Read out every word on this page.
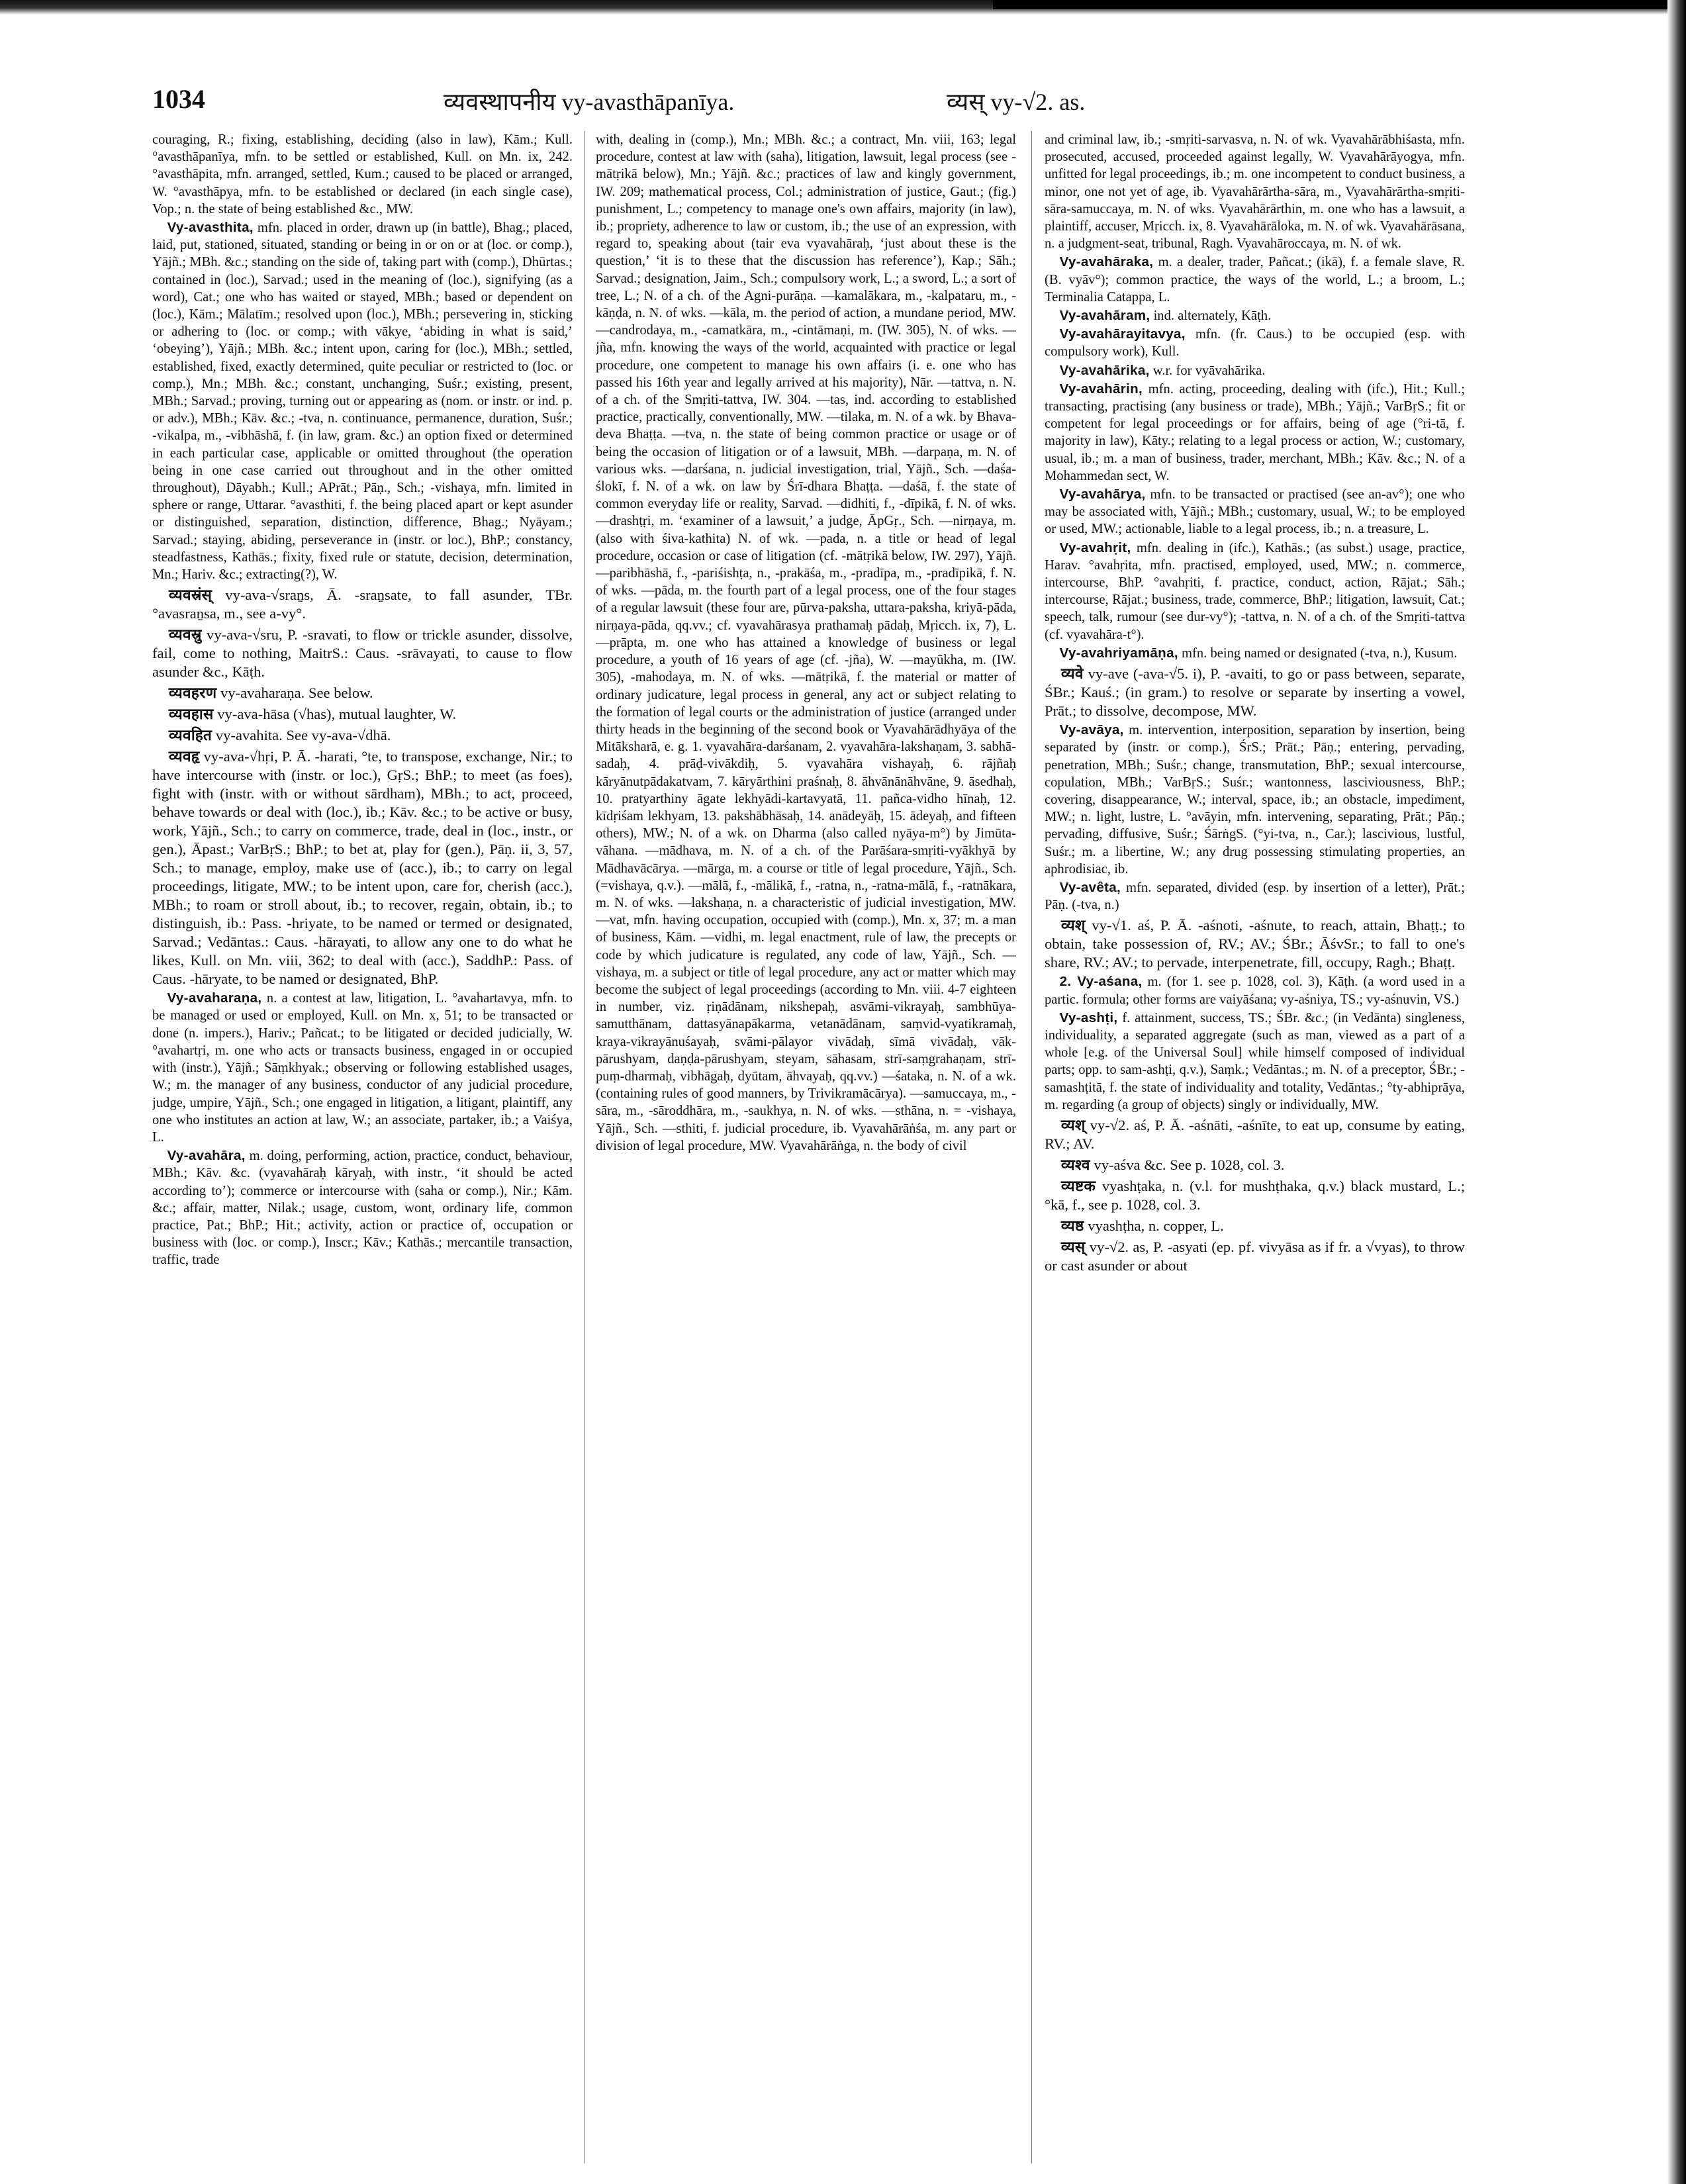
1034	व्यवस्थापनीय vy-avasthāpanīya.	व्यस् vy-√2. as.

couraging, R.; fixing, establishing, deciding (also in law), Kām.; Kull. °avasthāpanīya, mfn. to be settled or established, Kull. on Mn. ix, 242. °avasthāpita, mfn. arranged, settled, Kum.; caused to be placed or arranged, W. °avasthāpya, mfn. to be established or declared (in each single case), Vop.; n. the state of being established &c., MW.

Vy-avasthita, mfn. placed in order, drawn up (in battle), Bhag.; placed, laid, put, stationed, situated, standing or being in or on or at (loc. or comp.), Yājñ.; MBh. &c.; standing on the side of, taking part with (comp.), Dhūrtas.; contained in (loc.), Sarvad.; used in the meaning of (loc.), signifying (as a word), Cat.; one who has waited or stayed, MBh.; based or dependent on (loc.), Kām.; Mālatīm.; resolved upon (loc.), MBh.; persevering in, sticking or adhering to (loc. or comp.; with vākye, ‘abiding in what is said,’ ‘obeying’), Yājñ.; MBh. &c.; intent upon, caring for (loc.), MBh.; settled, established, fixed, exactly determined, quite peculiar or restricted to (loc. or comp.), Mn.; MBh. &c.; constant, unchanging, Suśr.; existing, present, MBh.; Sarvad.; proving, turning out or appearing as (nom. or instr. or ind. p. or adv.), MBh.; Kāv. &c.; -tva, n. continuance, permanence, duration, Suśr.; -vikalpa, m., -vibhāshā, f. (in law, gram. &c.) an option fixed or determined in each particular case, applicable or omitted throughout (the operation being in one case carried out throughout and in the other omitted throughout), Dāyabh.; Kull.; APrāt.; Pāṇ., Sch.; -vishaya, mfn. limited in sphere or range, Uttarar. °avasthiti, f. the being placed apart or kept asunder or distinguished, separation, distinction, difference, Bhag.; Nyāyam.; Sarvad.; staying, abiding, perseverance in (instr. or loc.), BhP.; constancy, steadfastness, Kathās.; fixity, fixed rule or statute, decision, determination, Mn.; Hariv. &c.; extracting(?), W.

व्यवस्रंस् vy-ava-√sraṉs, Ā. -sraṉsate, to fall asunder, TBr. °avasraṉsa, m., see a-vy°.

व्यवस्रु vy-ava-√sru, P. -sravati, to flow or trickle asunder, dissolve, fail, come to nothing, MaitrS.: Caus. -srāvayati, to cause to flow asunder &c., Kāṭh.

व्यवहरण vy-avaharaṇa. See below.

व्यवहास vy-ava-hāsa (√has), mutual laughter, W.

व्यवहित vy-avahita. See vy-ava-√dhā.

व्यवहृ vy-ava-√hṛi, P. Ā. -harati, °te, to transpose, exchange, Nir.; to have intercourse with (instr. or loc.), GṛS.; BhP.; to meet (as foes), fight with (instr. with or without sārdham), MBh.; to act, proceed, behave towards or deal with (loc.), ib.; Kāv. &c.; to be active or busy, work, Yājñ., Sch.; to carry on commerce, trade, deal in (loc., instr., or gen.), Āpast.; VarBṛS.; BhP.; to bet at, play for (gen.), Pāṇ. ii, 3, 57, Sch.; to manage, employ, make use of (acc.), ib.; to carry on legal proceedings, litigate, MW.; to be intent upon, care for, cherish (acc.), MBh.; to roam or stroll about, ib.; to recover, regain, obtain, ib.; to distinguish, ib.: Pass. -hriyate, to be named or termed or designated, Sarvad.; Vedāntas.: Caus. -hārayati, to allow any one to do what he likes, Kull. on Mn. viii, 362; to deal with (acc.), SaddhP.: Pass. of Caus. -hāryate, to be named or designated, BhP.

Vy-avaharaṇa, n. a contest at law, litigation, L. °avahartavya, mfn. to be managed or used or employed, Kull. on Mn. x, 51; to be transacted or done (n. impers.), Hariv.; Pañcat.; to be litigated or decided judicially, W. °avahartṛi, m. one who acts or transacts business, engaged in or occupied with (instr.), Yājñ.; Sāṃkhyak.; observing or following established usages, W.; m. the manager of any business, conductor of any judicial procedure, judge, umpire, Yājñ., Sch.; one engaged in litigation, a litigant, plaintiff, any one who institutes an action at law, W.; an associate, partaker, ib.; a Vaiśya, L.

Vy-avahāra, m. doing, performing, action, practice, conduct, behaviour, MBh.; Kāv. &c. (vyavahāraḥ kāryaḥ, with instr., ‘it should be acted according to’); commerce or intercourse with (saha or comp.), Nir.; Kām. &c.; affair, matter, Nilak.; usage, custom, wont, ordinary life, common practice, Pat.; BhP.; Hit.; activity, action or practice of, occupation or business with (loc. or comp.), Inscr.; Kāv.; Kathās.; mercantile transaction, traffic, trade

with, dealing in (comp.), Mn.; MBh. &c.; a contract, Mn. viii, 163; legal procedure, contest at law with (saha), litigation, lawsuit, legal process (see -mātṛikā below), Mn.; Yājñ. &c.; practices of law and kingly government, IW. 209; mathematical process, Col.; administration of justice, Gaut.; (fig.) punishment, L.; competency to manage one's own affairs, majority (in law), ib.; propriety, adherence to law or custom, ib.; the use of an expression, with regard to, speaking about (tair eva vyavahāraḥ, ‘just about these is the question,’ ‘it is to these that the discussion has reference’), Kap.; Sāh.; Sarvad.; designation, Jaim., Sch.; compulsory work, L.; a sword, L.; a sort of tree, L.; N. of a ch. of the Agni-purāṇa. —kamalākara, m., -kalpataru, m., -kāṇḍa, n. N. of wks. —kāla, m. the period of action, a mundane period, MW. —candrodaya, m., -camatkāra, m., -cintāmaṇi, m. (IW. 305), N. of wks. —jña, mfn. knowing the ways of the world, acquainted with practice or legal procedure, one competent to manage his own affairs (i. e. one who has passed his 16th year and legally arrived at his majority), Nār. —tattva, n. N. of a ch. of the Smṛiti-tattva, IW. 304. —tas, ind. according to established practice, practically, conventionally, MW. —tilaka, m. N. of a wk. by Bhava-deva Bhaṭṭa. —tva, n. the state of being common practice or usage or of being the occasion of litigation or of a lawsuit, MBh. —darpaṇa, m. N. of various wks. —darśana, n. judicial investigation, trial, Yājñ., Sch. —daśa-ślokī, f. N. of a wk. on law by Śrī-dhara Bhaṭṭa. —daśā, f. the state of common everyday life or reality, Sarvad. —didhiti, f., -dīpikā, f. N. of wks. —drashṭṛi, m. ‘examiner of a lawsuit,’ a judge, ĀpGṛ., Sch. —nirṇaya, m. (also with śiva-kathita) N. of wk. —pada, n. a title or head of legal procedure, occasion or case of litigation (cf. -mātṛikā below, IW. 297), Yājñ. —paribhāshā, f., -pariśishṭa, n., -prakāśa, m., -pradīpa, m., -pradīpikā, f. N. of wks. —pāda, m. the fourth part of a legal process, one of the four stages of a regular lawsuit (these four are, pūrva-paksha, uttara-paksha, kriyā-pāda, nirṇaya-pāda, qq.vv.; cf. vyavahārasya prathamaḥ pādaḥ, Mṛicch. ix, 7), L. —prāpta, m. one who has attained a knowledge of business or legal procedure, a youth of 16 years of age (cf. -jña), W. —mayūkha, m. (IW. 305), -mahodaya, m. N. of wks. —mātṛikā, f. the material or matter of ordinary judicature, legal process in general, any act or subject relating to the formation of legal courts or the administration of justice (arranged under thirty heads in the beginning of the second book or Vyavahārādhyāya of the Mitāksharā, e. g. 1. vyavahāra-darśanam, 2. vyavahāra-lakshaṇam, 3. sabhā-sadaḥ, 4. prāḍ-vivākdiḥ, 5. vyavahāra vishayaḥ, 6. rājñaḥ kāryānutpādakatvam, 7. kāryārthini praśnaḥ, 8. āhvānānāhvāne, 9. āsedhaḥ, 10. pratyarthiny āgate lekhyādi-kartavyatā, 11. pañca-vidho hīnaḥ, 12. kīdṛiśam lekhyam, 13. pakshābhāsaḥ, 14. anādeyāḥ, 15. ādeyaḥ, and fifteen others), MW.; N. of a wk. on Dharma (also called nyāya-m°) by Jimūta-vāhana. —mādhava, m. N. of a ch. of the Parāśara-smṛiti-vyākhyā by Mādhavācārya. —mārga, m. a course or title of legal procedure, Yājñ., Sch. (=vishaya, q.v.). —mālā, f., -mālikā, f., -ratna, n., -ratna-mālā, f., -ratnākara, m. N. of wks. —lakshaṇa, n. a characteristic of judicial investigation, MW. —vat, mfn. having occupation, occupied with (comp.), Mn. x, 37; m. a man of business, Kām. —vidhi, m. legal enactment, rule of law, the precepts or code by which judicature is regulated, any code of law, Yājñ., Sch. —vishaya, m. a subject or title of legal procedure, any act or matter which may become the subject of legal proceedings (according to Mn. viii. 4-7 eighteen in number, viz. ṛiṇādānam, nikshepaḥ, asvāmi-vikrayaḥ, sambhūya-samutthānam, dattasyānapākarma, vetanādānam, saṃvid-vyatikramaḥ, kraya-vikrayānuśayaḥ, svāmi-pālayor vivādaḥ, sīmā vivādaḥ, vāk-pārushyam, daṇḍa-pārushyam, steyam, sāhasam, strī-saṃgrahaṇam, strī-puṃ-dharmaḥ, vibhāgaḥ, dyūtam, āhvayaḥ, qq.vv.) —śataka, n. N. of a wk. (containing rules of good manners, by Trivikramācārya). —samuccaya, m., -sāra, m., -sāroddhāra, m., -saukhya, n. N. of wks. —sthāna, n. = -vishaya, Yājñ., Sch. —sthiti, f. judicial procedure, ib. Vyavahārāṅśa, m. any part or division of legal procedure, MW. Vyavahārāṅga, n. the body of civil

and criminal law, ib.; -smṛiti-sarvasva, n. N. of wk. Vyavahārābhiśasta, mfn. prosecuted, accused, proceeded against legally, W. Vyavahārāyogya, mfn. unfitted for legal proceedings, ib.; m. one incompetent to conduct business, a minor, one not yet of age, ib. Vyavahārārtha-sāra, m., Vyavahārārtha-smṛiti-sāra-samuccaya, m. N. of wks. Vyavahārārthin, m. one who has a lawsuit, a plaintiff, accuser, Mṛicch. ix, 8. Vyavahārāloka, m. N. of wk. Vyavahārāsana, n. a judgment-seat, tribunal, Ragh. Vyavahāroccaya, m. N. of wk.

Vy-avahāraka, m. a dealer, trader, Pañcat.; (ikā), f. a female slave, R. (B. vyāv°); common practice, the ways of the world, L.; a broom, L.; Terminalia Catappa, L.

Vy-avahāram, ind. alternately, Kāṭh.

Vy-avahārayitavya, mfn. (fr. Caus.) to be occupied (esp. with compulsory work), Kull.

Vy-avahārika, w.r. for vyāvahārika.

Vy-avahārin, mfn. acting, proceeding, dealing with (ifc.), Hit.; Kull.; transacting, practising (any business or trade), MBh.; Yājñ.; VarBṛS.; fit or competent for legal proceedings or for affairs, being of age (°ri-tā, f. majority in law), Kāty.; relating to a legal process or action, W.; customary, usual, ib.; m. a man of business, trader, merchant, MBh.; Kāv. &c.; N. of a Mohammedan sect, W.

Vy-avahārya, mfn. to be transacted or practised (see an-av°); one who may be associated with, Yājñ.; MBh.; customary, usual, W.; to be employed or used, MW.; actionable, liable to a legal process, ib.; n. a treasure, L.

Vy-avahṛit, mfn. dealing in (ifc.), Kathās.; (as subst.) usage, practice, Harav. °avahṛita, mfn. practised, employed, used, MW.; n. commerce, intercourse, BhP. °avahṛiti, f. practice, conduct, action, Rājat.; Sāh.; intercourse, Rājat.; business, trade, commerce, BhP.; litigation, lawsuit, Cat.; speech, talk, rumour (see dur-vy°); -tattva, n. N. of a ch. of the Smṛiti-tattva (cf. vyavahāra-t°).

Vy-avahriyamāṇa, mfn. being named or designated (-tva, n.), Kusum.

व्यवे vy-ave (-ava-√5. i), P. -avaiti, to go or pass between, separate, ŚBr.; Kauś.; (in gram.) to resolve or separate by inserting a vowel, Prāt.; to dissolve, decompose, MW.

Vy-avāya, m. intervention, interposition, separation by insertion, being separated by (instr. or comp.), ŚrS.; Prāt.; Pāṇ.; entering, pervading, penetration, MBh.; Suśr.; change, transmutation, BhP.; sexual intercourse, copulation, MBh.; VarBṛS.; Suśr.; wantonness, lasciviousness, BhP.; covering, disappearance, W.; interval, space, ib.; an obstacle, impediment, MW.; n. light, lustre, L. °avāyin, mfn. intervening, separating, Prāt.; Pāṇ.; pervading, diffusive, Suśr.; ŚārṅgS. (°yi-tva, n., Car.); lascivious, lustful, Suśr.; m. a libertine, W.; any drug possessing stimulating properties, an aphrodisiac, ib.

Vy-avêta, mfn. separated, divided (esp. by insertion of a letter), Prāt.; Pāṇ. (-tva, n.)

व्यश् vy-√1. aś, P. Ā. -aśnoti, -aśnute, to reach, attain, Bhaṭṭ.; to obtain, take possession of, RV.; AV.; ŚBr.; ĀśvSr.; to fall to one's share, RV.; AV.; to pervade, interpenetrate, fill, occupy, Ragh.; Bhaṭṭ.

2. Vy-aśana, m. (for 1. see p. 1028, col. 3), Kāṭh. (a word used in a partic. formula; other forms are vaiyāśana; vy-aśniya, TS.; vy-aśnuvin, VS.)

Vy-ashṭi, f. attainment, success, TS.; ŚBr. &c.; (in Vedānta) singleness, individuality, a separated aggregate (such as man, viewed as a part of a whole [e.g. of the Universal Soul] while himself composed of individual parts; opp. to sam-ashṭi, q.v.), Saṃk.; Vedāntas.; m. N. of a preceptor, ŚBr.; -samashṭitā, f. the state of individuality and totality, Vedāntas.; °ty-abhiprāya, m. regarding (a group of objects) singly or individually, MW.

व्यश् vy-√2. aś, P. Ā. -aśnāti, -aśnīte, to eat up, consume by eating, RV.; AV.

व्यश्व vy-aśva &c. See p. 1028, col. 3.

व्यष्टक vyashṭaka, n. (v.l. for mushṭhaka, q.v.) black mustard, L.; °kā, f., see p. 1028, col. 3.

व्यष्ठ vyashṭha, n. copper, L.

व्यस् vy-√2. as, P. -asyati (ep. pf. vivyāsa as if fr. a √vyas), to throw or cast asunder or about
